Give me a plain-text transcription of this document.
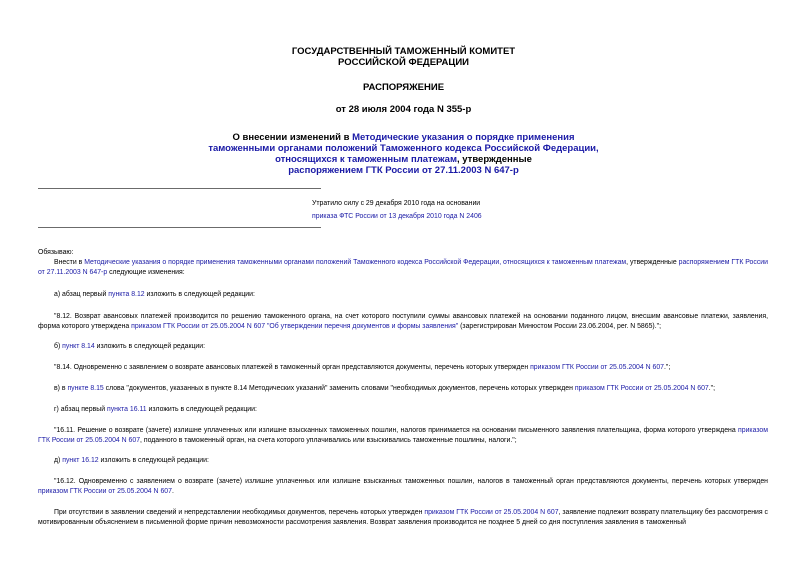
ГОСУДАРСТВЕННЫЙ ТАМОЖЕННЫЙ КОМИТЕТ
РОССИЙСКОЙ ФЕДЕРАЦИИ
РАСПОРЯЖЕНИЕ
от 28 июля 2004 года N 355-р
О внесении изменений в Методические указания о порядке применения
таможенными органами положений Таможенного кодекса Российской Федерации,
относящихся к таможенным платежам, утвержденные
распоряжением ГТК России от 27.11.2003 N 647-р
Утратило силу с 29 декабря 2010 года на основании
приказа ФТС России от 13 декабря 2010 года N 2406
Обязываю:
Внести в Методические указания о порядке применения таможенными органами положений Таможенного кодекса Российской Федерации, относящихся к таможенным платежам, утвержденные распоряжением ГТК России от 27.11.2003 N 647-р следующие изменения:
а) абзац первый пункта 8.12 изложить в следующей редакции:
"8.12. Возврат авансовых платежей производится по решению таможенного органа, на счет которого поступили суммы авансовых платежей на основании поданного лицом, внесшим авансовые платежи, заявления, форма которого утверждена приказом ГТК России от 25.05.2004 N 607 "Об утверждении перечня документов и формы заявления" (зарегистрирован Минюстом России 23.06.2004, рег. N 5865).";
б) пункт 8.14 изложить в следующей редакции:
"8.14. Одновременно с заявлением о возврате авансовых платежей в таможенный орган представляются документы, перечень которых утвержден приказом ГТК России от 25.05.2004 N 607.";
в) в пункте 8.15 слова "документов, указанных в пункте 8.14 Методических указаний" заменить словами "необходимых документов, перечень которых утвержден приказом ГТК России от 25.05.2004 N 607.";
г) абзац первый пункта 16.11 изложить в следующей редакции:
"16.11. Решение о возврате (зачете) излишне уплаченных или излишне взысканных таможенных пошлин, налогов принимается на основании письменного заявления плательщика, форма которого утверждена приказом ГТК России от 25.05.2004 N 607, поданного в таможенный орган, на счета которого уплачивались или взыскивались таможенные пошлины, налоги.";
д) пункт 16.12 изложить в следующей редакции:
"16.12. Одновременно с заявлением о возврате (зачете) излишне уплаченных или излишне взысканных таможенных пошлин, налогов в таможенный орган представляются документы, перечень которых утвержден приказом ГТК России от 25.05.2004 N 607.
При отсутствии в заявлении сведений и непредставлении необходимых документов, перечень которых утвержден приказом ГТК России от 25.05.2004 N 607, заявление подлежит возврату плательщику без рассмотрения с мотивированным объяснением в письменной форме причин невозможности рассмотрения заявления. Возврат заявления производится не позднее 5 дней со дня поступления заявления в таможенный
